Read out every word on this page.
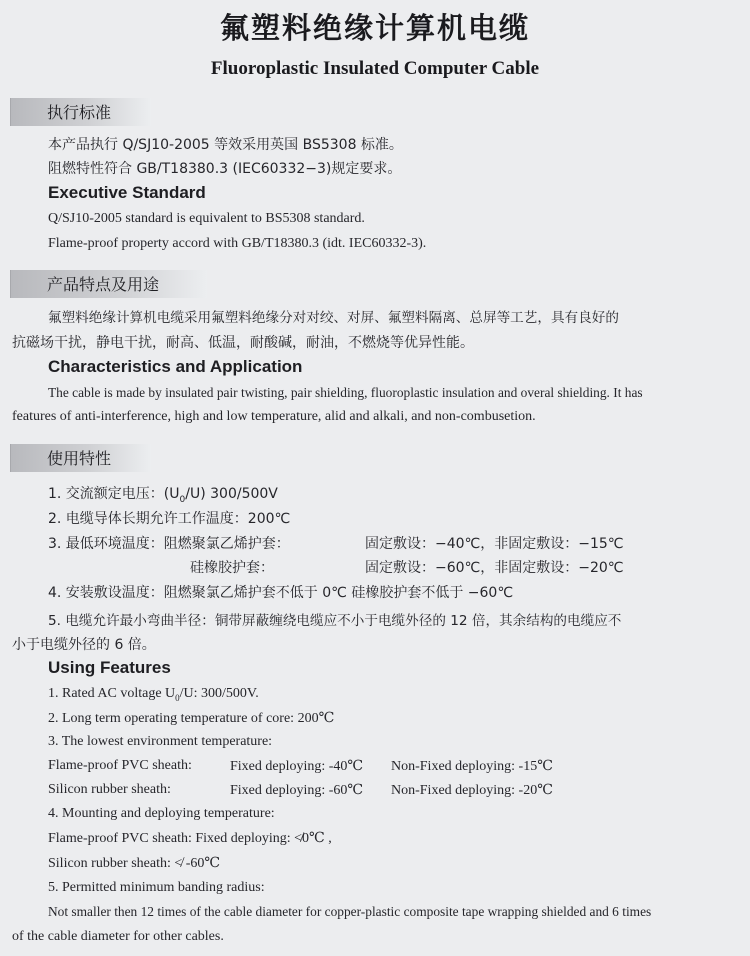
氟塑料绝缘计算机电缆
Fluoroplastic Insulated Computer Cable
执行标准
本产品执行 Q/SJ10-2005 等效采用英国 BS5308 标准。
阻燃特性符合 GB/T18380.3 (IEC60332−3)规定要求。
Executive Standard
Q/SJ10-2005 standard is equivalent to BS5308 standard.
Flame-proof property accord with GB/T18380.3 (idt. IEC60332-3).
产品特点及用途
氟塑料绝缘计算机电缆采用氟塑料绝缘分对对绞、对屏、氟塑料隔离、总屏等工艺，具有良好的
抗磁场干扰，静电干扰，耐高、低温，耐酸碱，耐油，不燃烧等优异性能。
Characteristics and Application
The cable is made by insulated pair twisting, pair shielding, fluoroplastic insulation and overal shielding. It has
features of anti-interference, high and low temperature, alid and alkali, and non-combusetion.
使用特性
1. 交流额定电压：$(U_0/U)$ 300/500V
2. 电缆导体长期允许工作温度：200℃
3. 最低环境温度：阻燃聚氯乙烯护套：	固定敷设：−40℃，非固定敷设：−15℃
硅橡胶护套：	固定敷设：−60℃，非固定敷设：−20℃
4. 安装敷设温度：阻燃聚氯乙烯护套不低于 0℃ 硅橡胶护套不低于 −60℃
5. 电缆允许最小弯曲半径：铜带屏蔽缠绕电缆应不小于电缆外径的 12 倍，其余结构的电缆应不
小于电缆外径的 6 倍。
Using Features
1. Rated AC voltage $U_0/U$: 300/500V.
2. Long term operating temperature of core: 200℃
3. The lowest environment temperature:
Flame-proof PVC sheath:	Fixed deploying: -40℃ Non-Fixed deploying: -15℃
Silicon rubber sheath:	Fixed deploying: -60℃ Non-Fixed deploying: -20℃
4. Mounting and deploying temperature:
Flame-proof PVC sheath: Fixed deploying: ≮0℃ ,
Silicon rubber sheath: ≮ -60℃
5. Permitted minimum banding radius:
Not smaller then 12 times of the cable diameter for copper-plastic composite tape wrapping shielded and 6 times
of the cable diameter for other cables.
